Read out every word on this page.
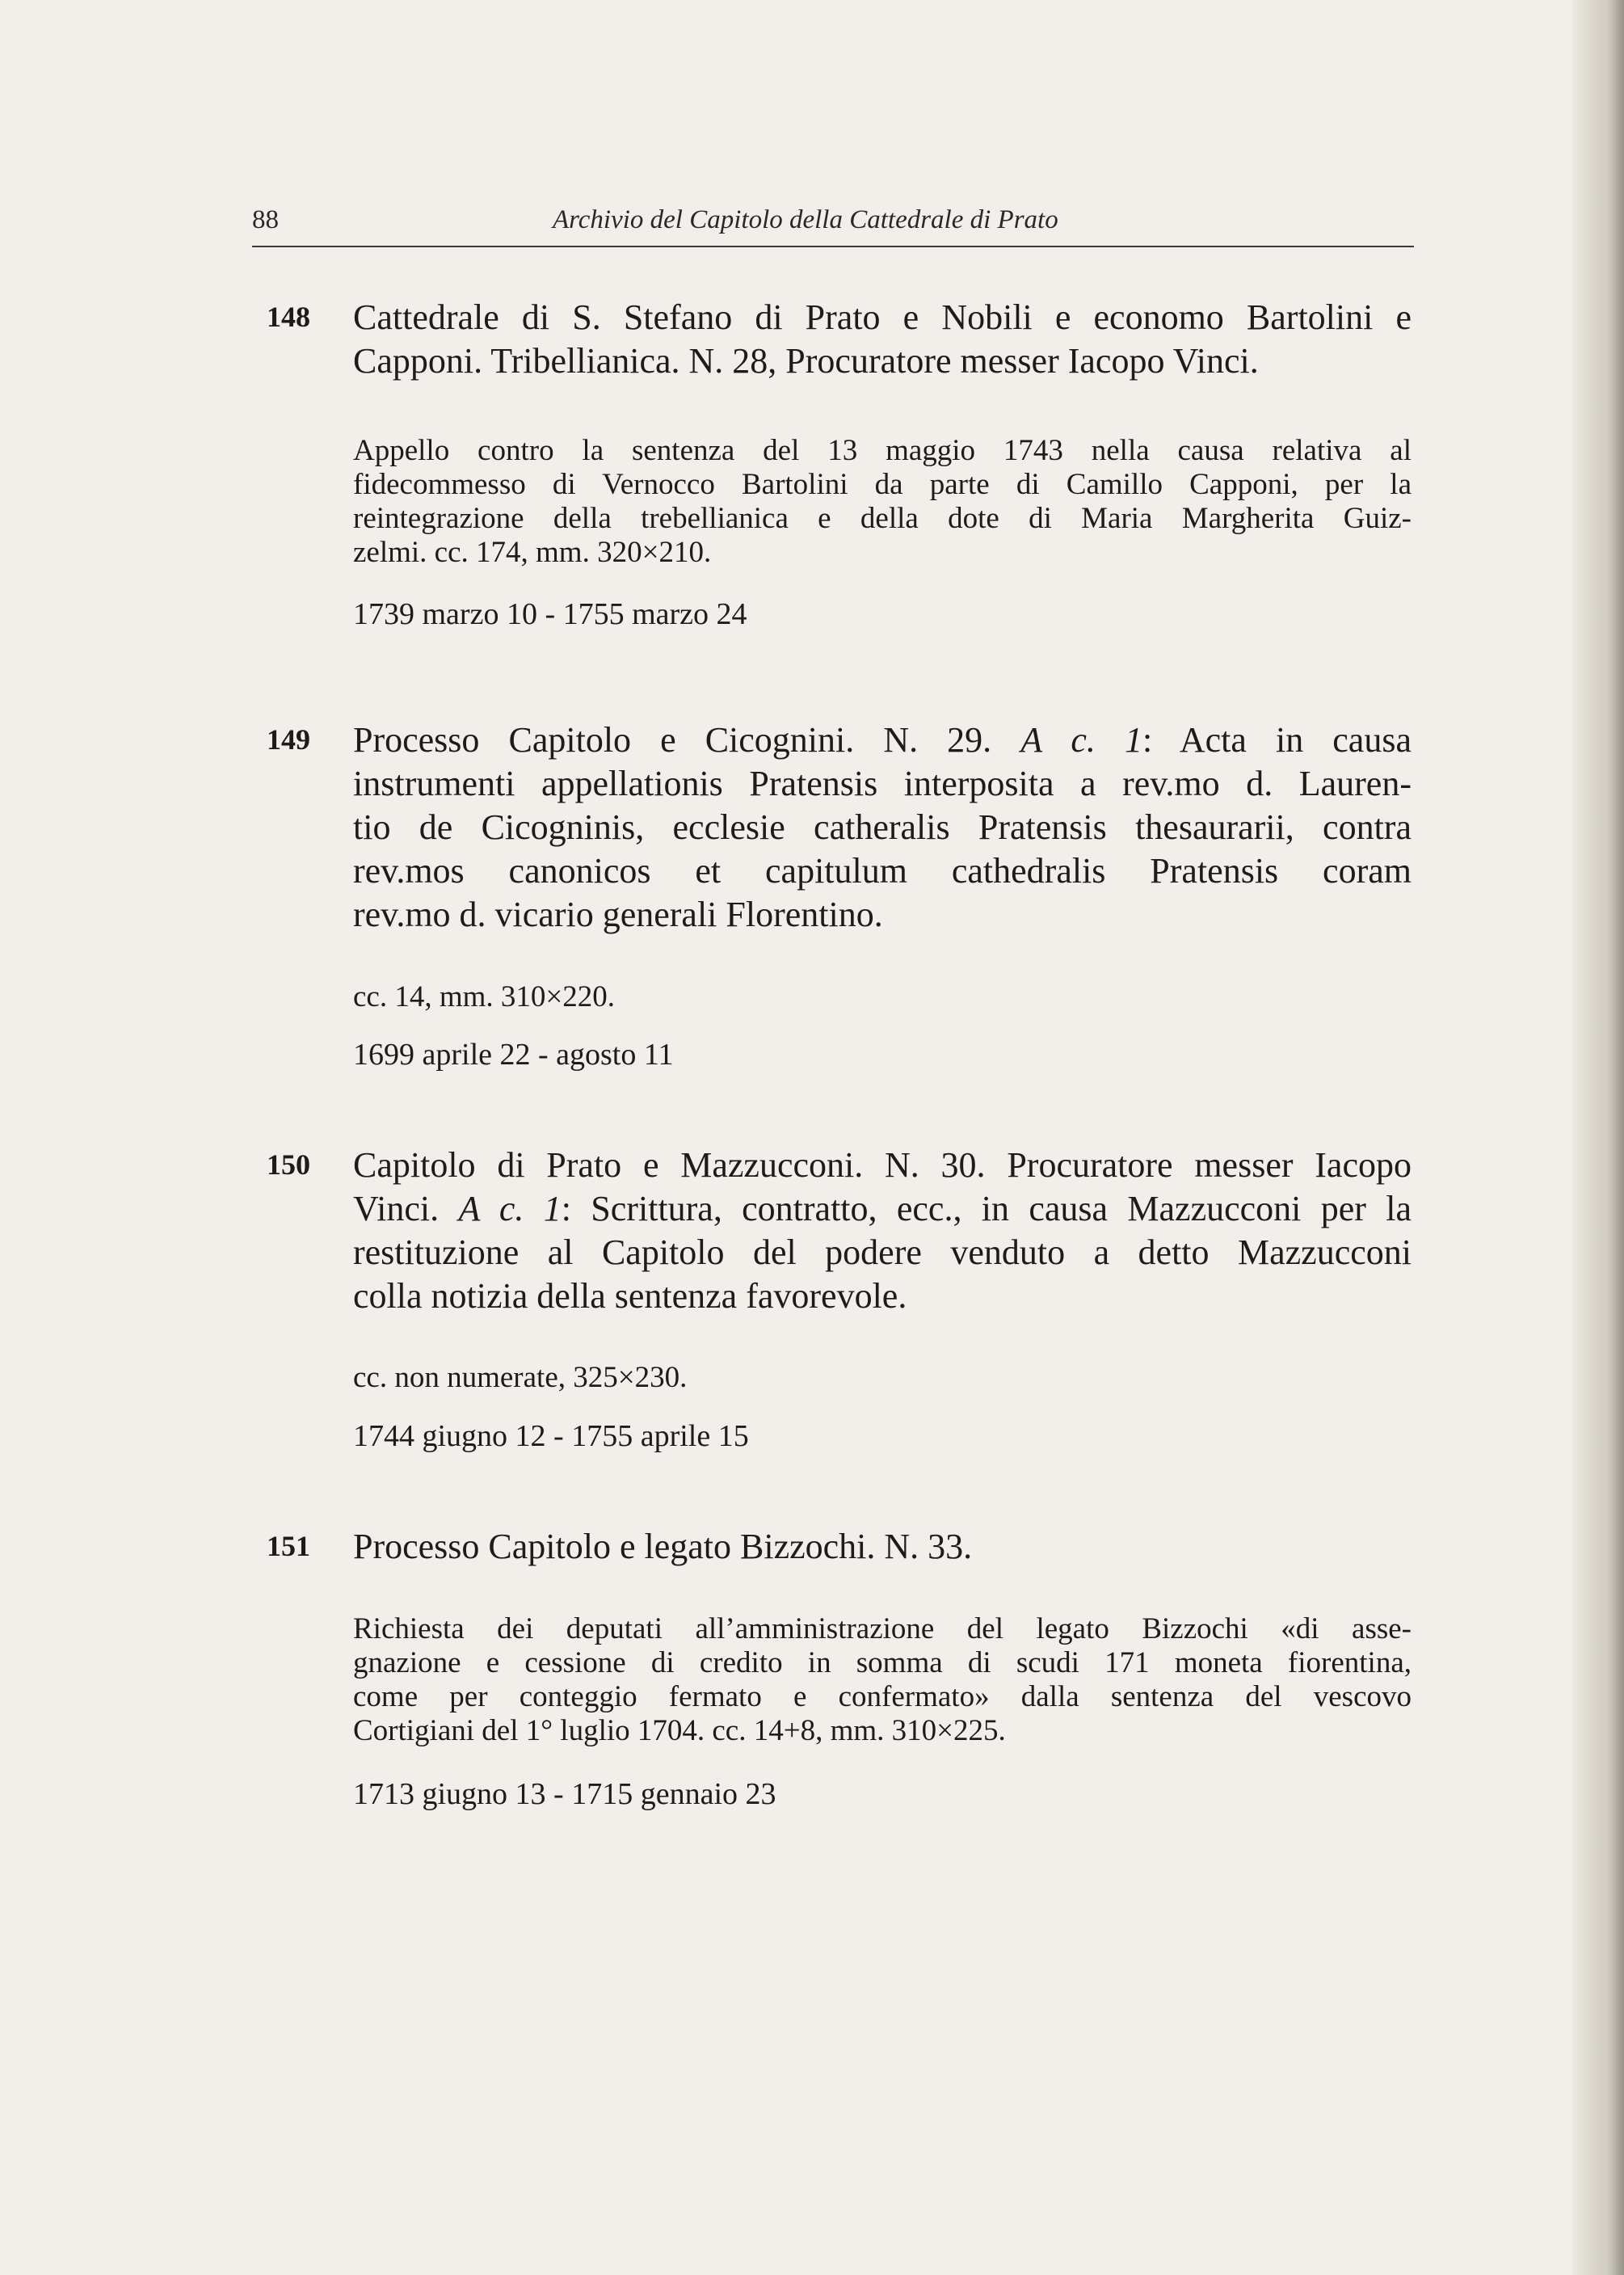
88	Archivio del Capitolo della Cattedrale di Prato
148	Cattedrale di S. Stefano di Prato e Nobili e economo Bartolini e
Capponi. Tribellianica. N. 28, Procuratore messer Iacopo Vinci.
Appello contro la sentenza del 13 maggio 1743 nella causa relativa al
fidecommesso di Vernocco Bartolini da parte di Camillo Capponi, per la
reintegrazione della trebellianica e della dote di Maria Margherita Guiz-
zelmi. cc. 174, mm. 320×210.
1739 marzo 10 - 1755 marzo 24
149	Processo Capitolo e Cicognini. N. 29. A c. 1: Acta in causa
instrumenti appellationis Pratensis interposita a rev.mo d. Lauren-
tio de Cicogninis, ecclesie catheralis Pratensis thesaurarii, contra
rev.mos canonicos et capitulum cathedralis Pratensis coram
rev.mo d. vicario generali Florentino.
cc. 14, mm. 310×220.
1699 aprile 22 - agosto 11
150	Capitolo di Prato e Mazzucconi. N. 30. Procuratore messer Iacopo
Vinci. A c. 1: Scrittura, contratto, ecc., in causa Mazzucconi per la
restituzione al Capitolo del podere venduto a detto Mazzucconi
colla notizia della sentenza favorevole.
cc. non numerate, 325×230.
1744 giugno 12 - 1755 aprile 15
151	Processo Capitolo e legato Bizzochi. N. 33.
Richiesta dei deputati all’amministrazione del legato Bizzochi «di asse-
gnazione e cessione di credito in somma di scudi 171 moneta fiorentina,
come per conteggio fermato e confermato» dalla sentenza del vescovo
Cortigiani del 1° luglio 1704. cc. 14+8, mm. 310×225.
1713 giugno 13 - 1715 gennaio 23
